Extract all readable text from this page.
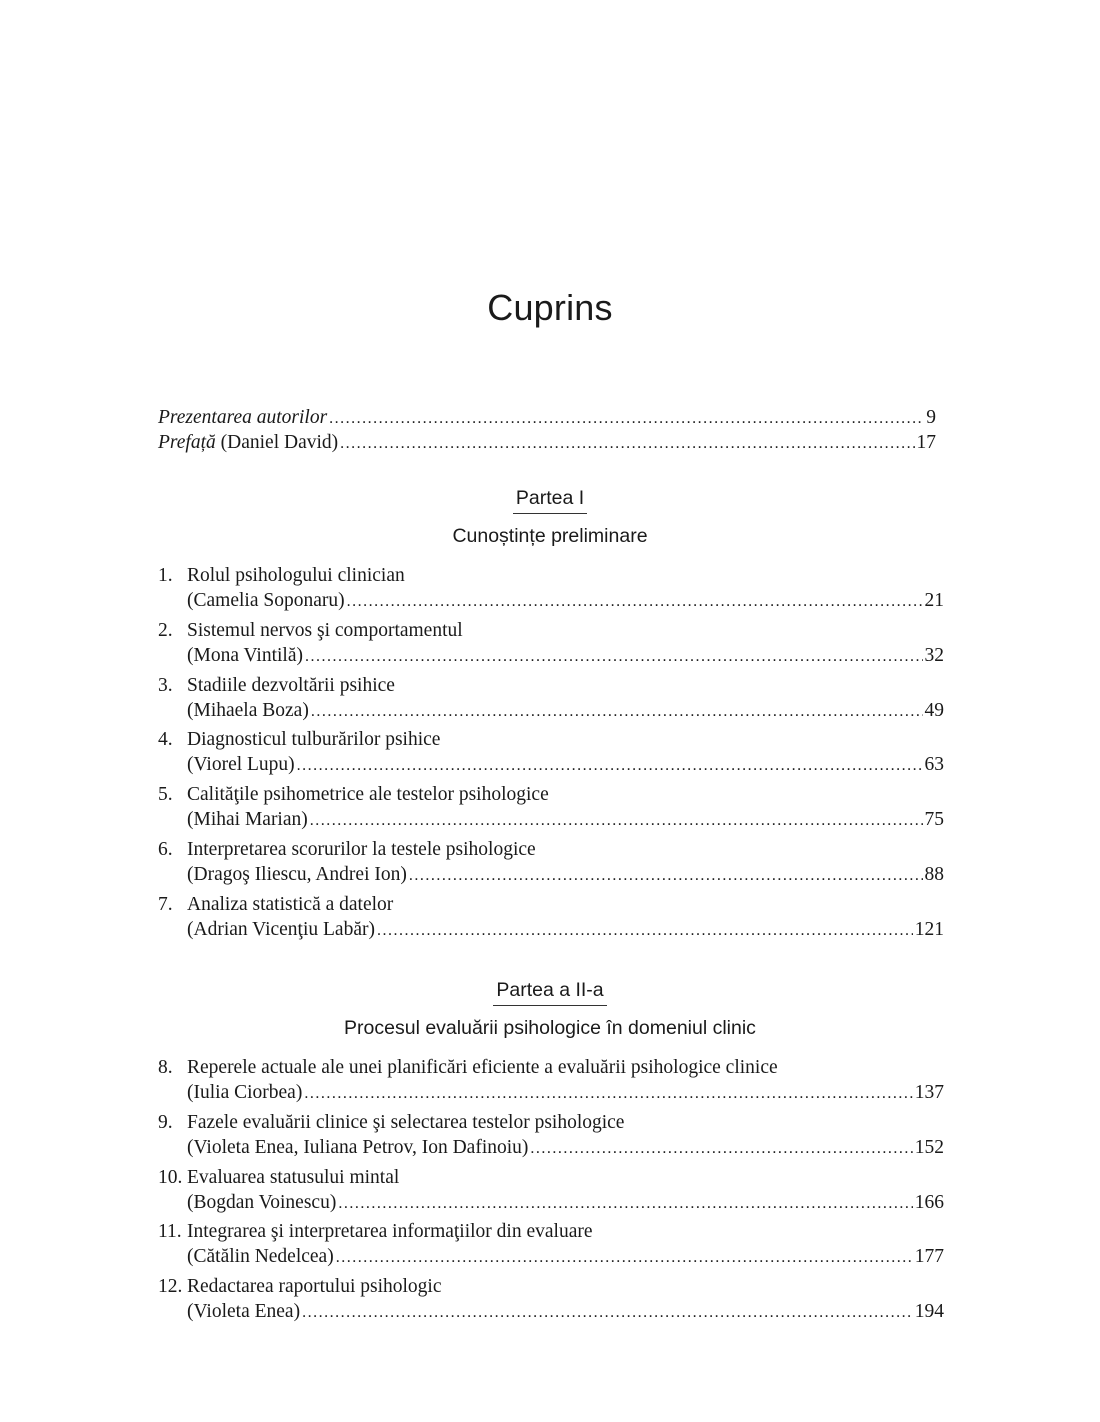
Cuprins
Prezentarea autorilor .....	9
Prefață (Daniel David) .....	17
Partea I
Cunoștințe preliminare
1. Rolul psihologului clinician
(Camelia Soponaru) .....	21
2. Sistemul nervos şi comportamentul
(Mona Vintilă) .....	32
3. Stadiile dezvoltării psihice
(Mihaela Boza) .....	49
4. Diagnosticul tulburărilor psihice
(Viorel Lupu) .....	63
5. Calităţile psihometrice ale testelor psihologice
(Mihai Marian) .....	75
6. Interpretarea scorurilor la testele psihologice
(Dragoş Iliescu, Andrei Ion) .....	88
7. Analiza statistică a datelor
(Adrian Vicenţiu Labăr) .....	121
Partea a II-a
Procesul evaluării psihologice în domeniul clinic
8. Reperele actuale ale unei planificări eficiente a evaluării psihologice clinice
(Iulia Ciorbea) .....	137
9. Fazele evaluării clinice şi selectarea testelor psihologice
(Violeta Enea, Iuliana Petrov, Ion Dafinoiu) .....	152
10. Evaluarea statusului mintal
(Bogdan Voinescu) .....	166
11. Integrarea şi interpretarea informaţiilor din evaluare
(Cătălin Nedelcea) .....	177
12. Redactarea raportului psihologic
(Violeta Enea) .....	194
